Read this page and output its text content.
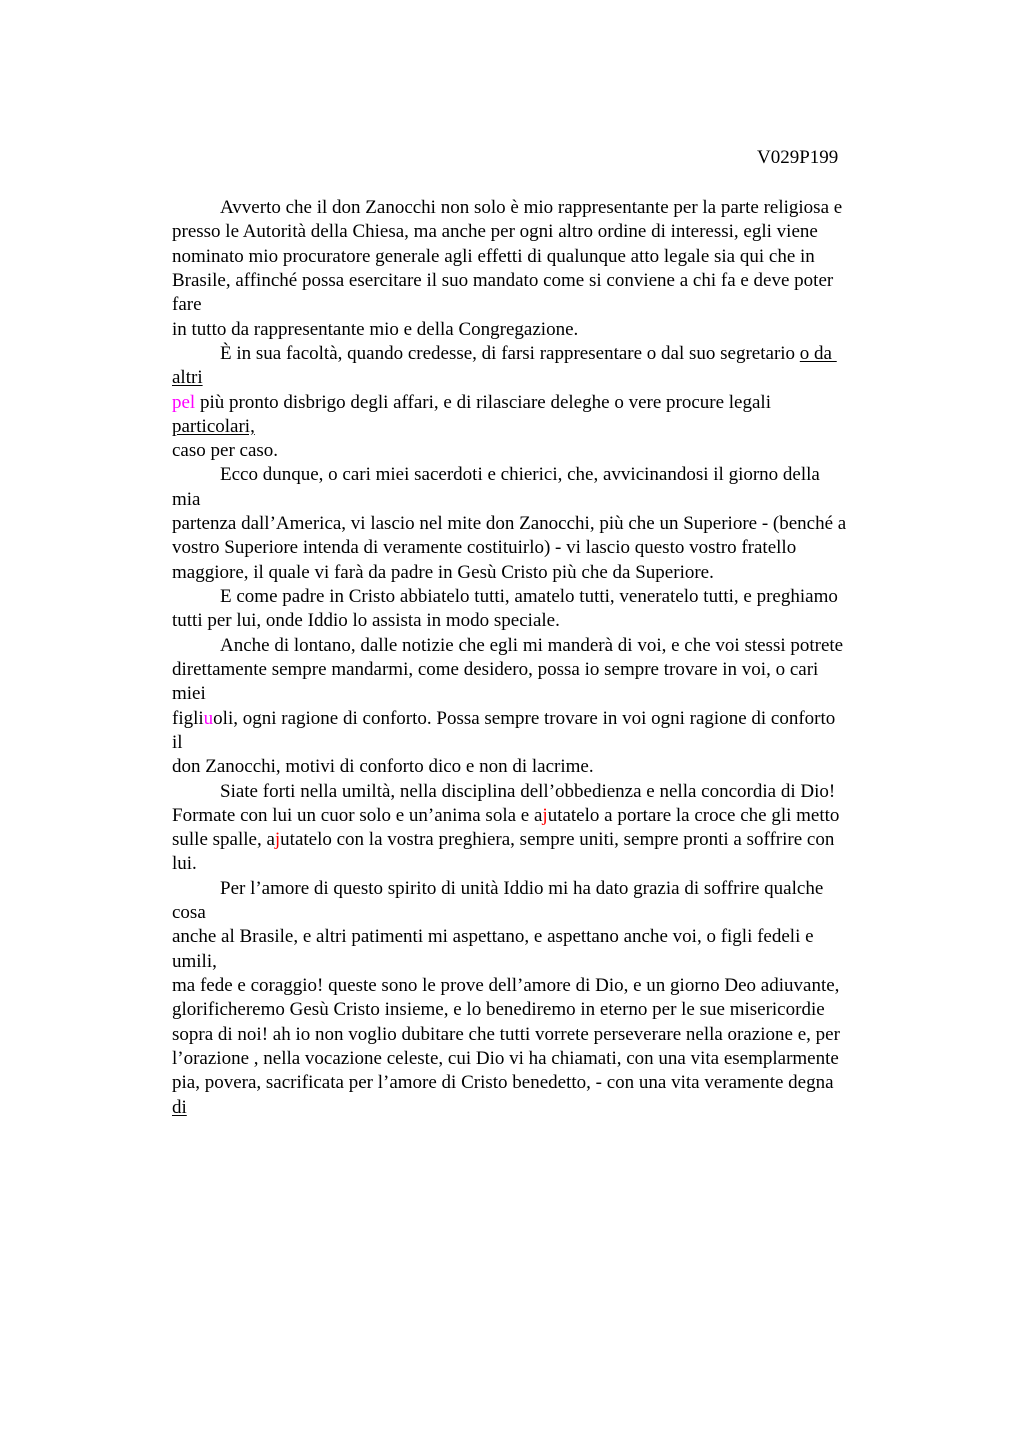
V029P199
Avverto che il don Zanocchi non solo è mio rappresentante per la parte religiosa e
presso le Autorità della Chiesa, ma anche per ogni altro ordine di interessi, egli viene
nominato mio procuratore generale agli effetti di qualunque atto legale sia qui che in
Brasile, affinché possa esercitare il suo mandato come si conviene a chi fa e deve poter
fare
in tutto da rappresentante mio e della Congregazione.
È in sua facoltà, quando credesse, di farsi rappresentare o dal suo segretario o da
altri
pel più pronto disbrigo degli affari, e di rilasciare deleghe o vere procure legali
particolari,
caso per caso.
Ecco dunque, o cari miei sacerdoti e chierici, che, avvicinandosi il giorno della
mia
partenza dall’America, vi lascio nel mite don Zanocchi, più che un Superiore - (benché a
vostro Superiore intenda di veramente costituirlo) - vi lascio questo vostro fratello
maggiore, il quale vi farà da padre in Gesù Cristo più che da Superiore.
E come padre in Cristo abbiatelo tutti, amatelo tutti, veneratelo tutti, e preghiamo
tutti per lui, onde Iddio lo assista in modo speciale.
Anche di lontano, dalle notizie che egli mi manderà di voi, e che voi stessi potrete
direttamente sempre mandarmi, come desidero, possa io sempre trovare in voi, o cari
miei
figliuoli, ogni ragione di conforto. Possa sempre trovare in voi ogni ragione di conforto
il
don Zanocchi, motivi di conforto dico e non di lacrime.
Siate forti nella umiltà, nella disciplina dell’obbedienza e nella concordia di Dio!
Formate con lui un cuor solo e un’anima sola e ajutatelo a portare la croce che gli metto
sulle spalle, ajutatelo con la vostra preghiera, sempre uniti, sempre pronti a soffrire con
lui.
Per l’amore di questo spirito di unità Iddio mi ha dato grazia di soffrire qualche
cosa
anche al Brasile, e altri patimenti mi aspettano, e aspettano anche voi, o figli fedeli e
umili,
ma fede e coraggio! queste sono le prove dell’amore di Dio, e un giorno Deo adiuvante,
glorificheremo Gesù Cristo insieme, e lo benediremo in eterno per le sue misericordie
sopra di noi! ah io non voglio dubitare che tutti vorrete perseverare nella orazione e, per
l’orazione , nella vocazione celeste, cui Dio vi ha chiamati, con una vita esemplarmente
pia, povera, sacrificata per l’amore di Cristo benedetto, - con una vita veramente degna
di
